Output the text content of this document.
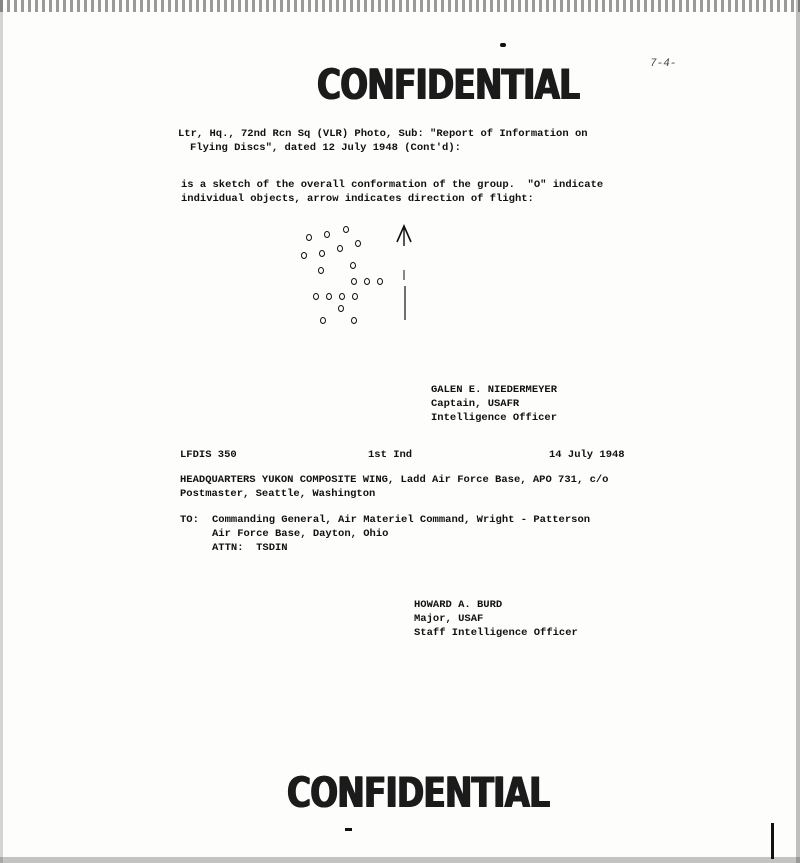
CONFIDENTIAL	7-4-
Ltr, Hq., 72nd Rcn Sq (VLR) Photo, Sub: "Report of Information on
Flying Discs", dated 12 July 1948 (Cont'd):
is a sketch of the overall conformation of the group.  "O" indicate
individual objects, arrow indicates direction of flight:
GALEN E. NIEDERMEYER
Captain, USAFR
Intelligence Officer
LFDIS 350	1st Ind	14 July 1948
HEADQUARTERS YUKON COMPOSITE WING, Ladd Air Force Base, APO 731, c/o
Postmaster, Seattle, Washington
TO: Commanding General, Air Materiel Command, Wright - Patterson
Air Force Base, Dayton, Ohio
ATTN:  TSDIN
HOWARD A. BURD
Major, USAF
Staff Intelligence Officer
CONFIDENTIAL
